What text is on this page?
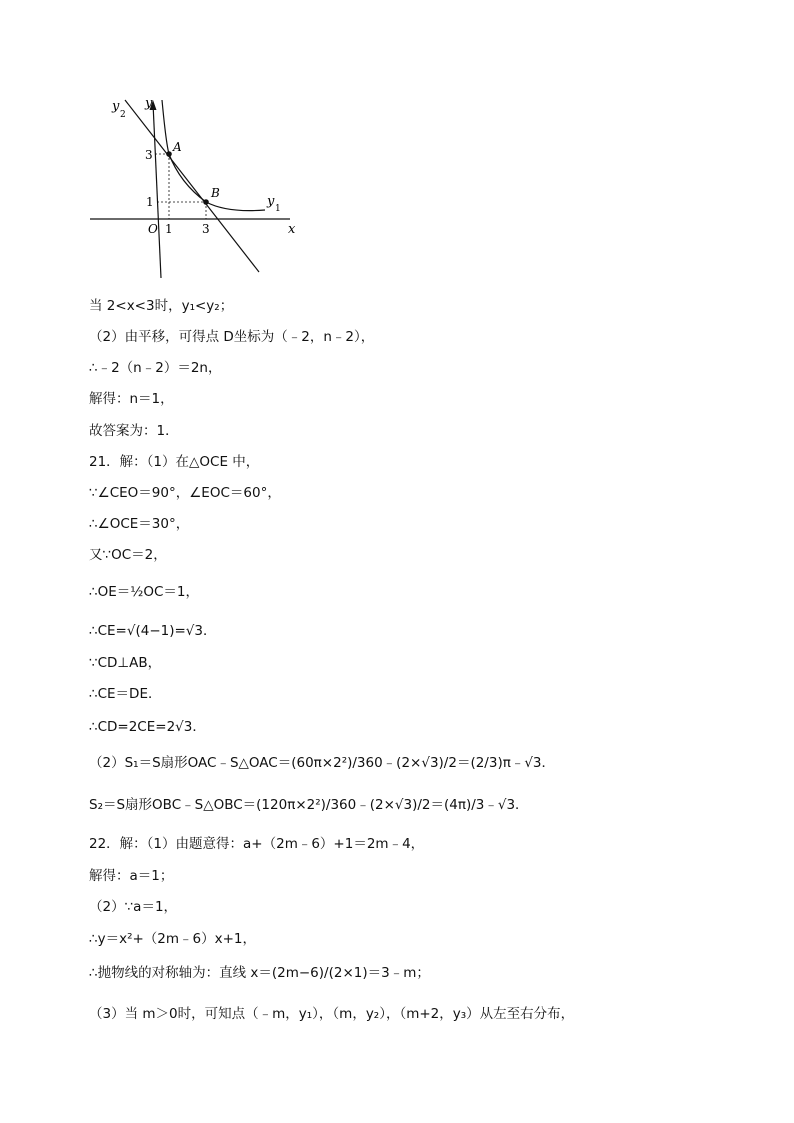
y
2
y
A
B
y 1
3
1
O 1 3	x
当 2<x<3时，y₁<y₂；
（2）由平移，可得点 D坐标为（﹣2，n﹣2），
∴﹣2（n﹣2）＝2n，
解得：n＝1，
故答案为：1．
21．解：（1）在△OCE 中，
∵∠CEO＝90°，∠EOC＝60°，
∴∠OCE＝30°，
又∵OC＝2，
∴OE＝½OC＝1，
∴CE=√(4−1)=√3．
∵CD⊥AB，
∴CE＝DE．
∴CD=2CE=2√3．
（2）S₁＝S扇形OAC﹣S△OAC＝(60π×2²)/360﹣(2×√3)/2＝(2/3)π﹣√3．
S₂＝S扇形OBC﹣S△OBC＝(120π×2²)/360﹣(2×√3)/2＝(4π)/3﹣√3．
22．解：（1）由题意得：a+（2m﹣6）+1＝2m﹣4，
解得：a＝1；
（2）∵a＝1，
∴y＝x²+（2m﹣6）x+1，
∴抛物线的对称轴为：直线 x＝(2m−6)/(2×1)＝3﹣m；
（3）当 m＞0时，可知点（﹣m，y₁），（m，y₂），（m+2，y₃）从左至右分布，
